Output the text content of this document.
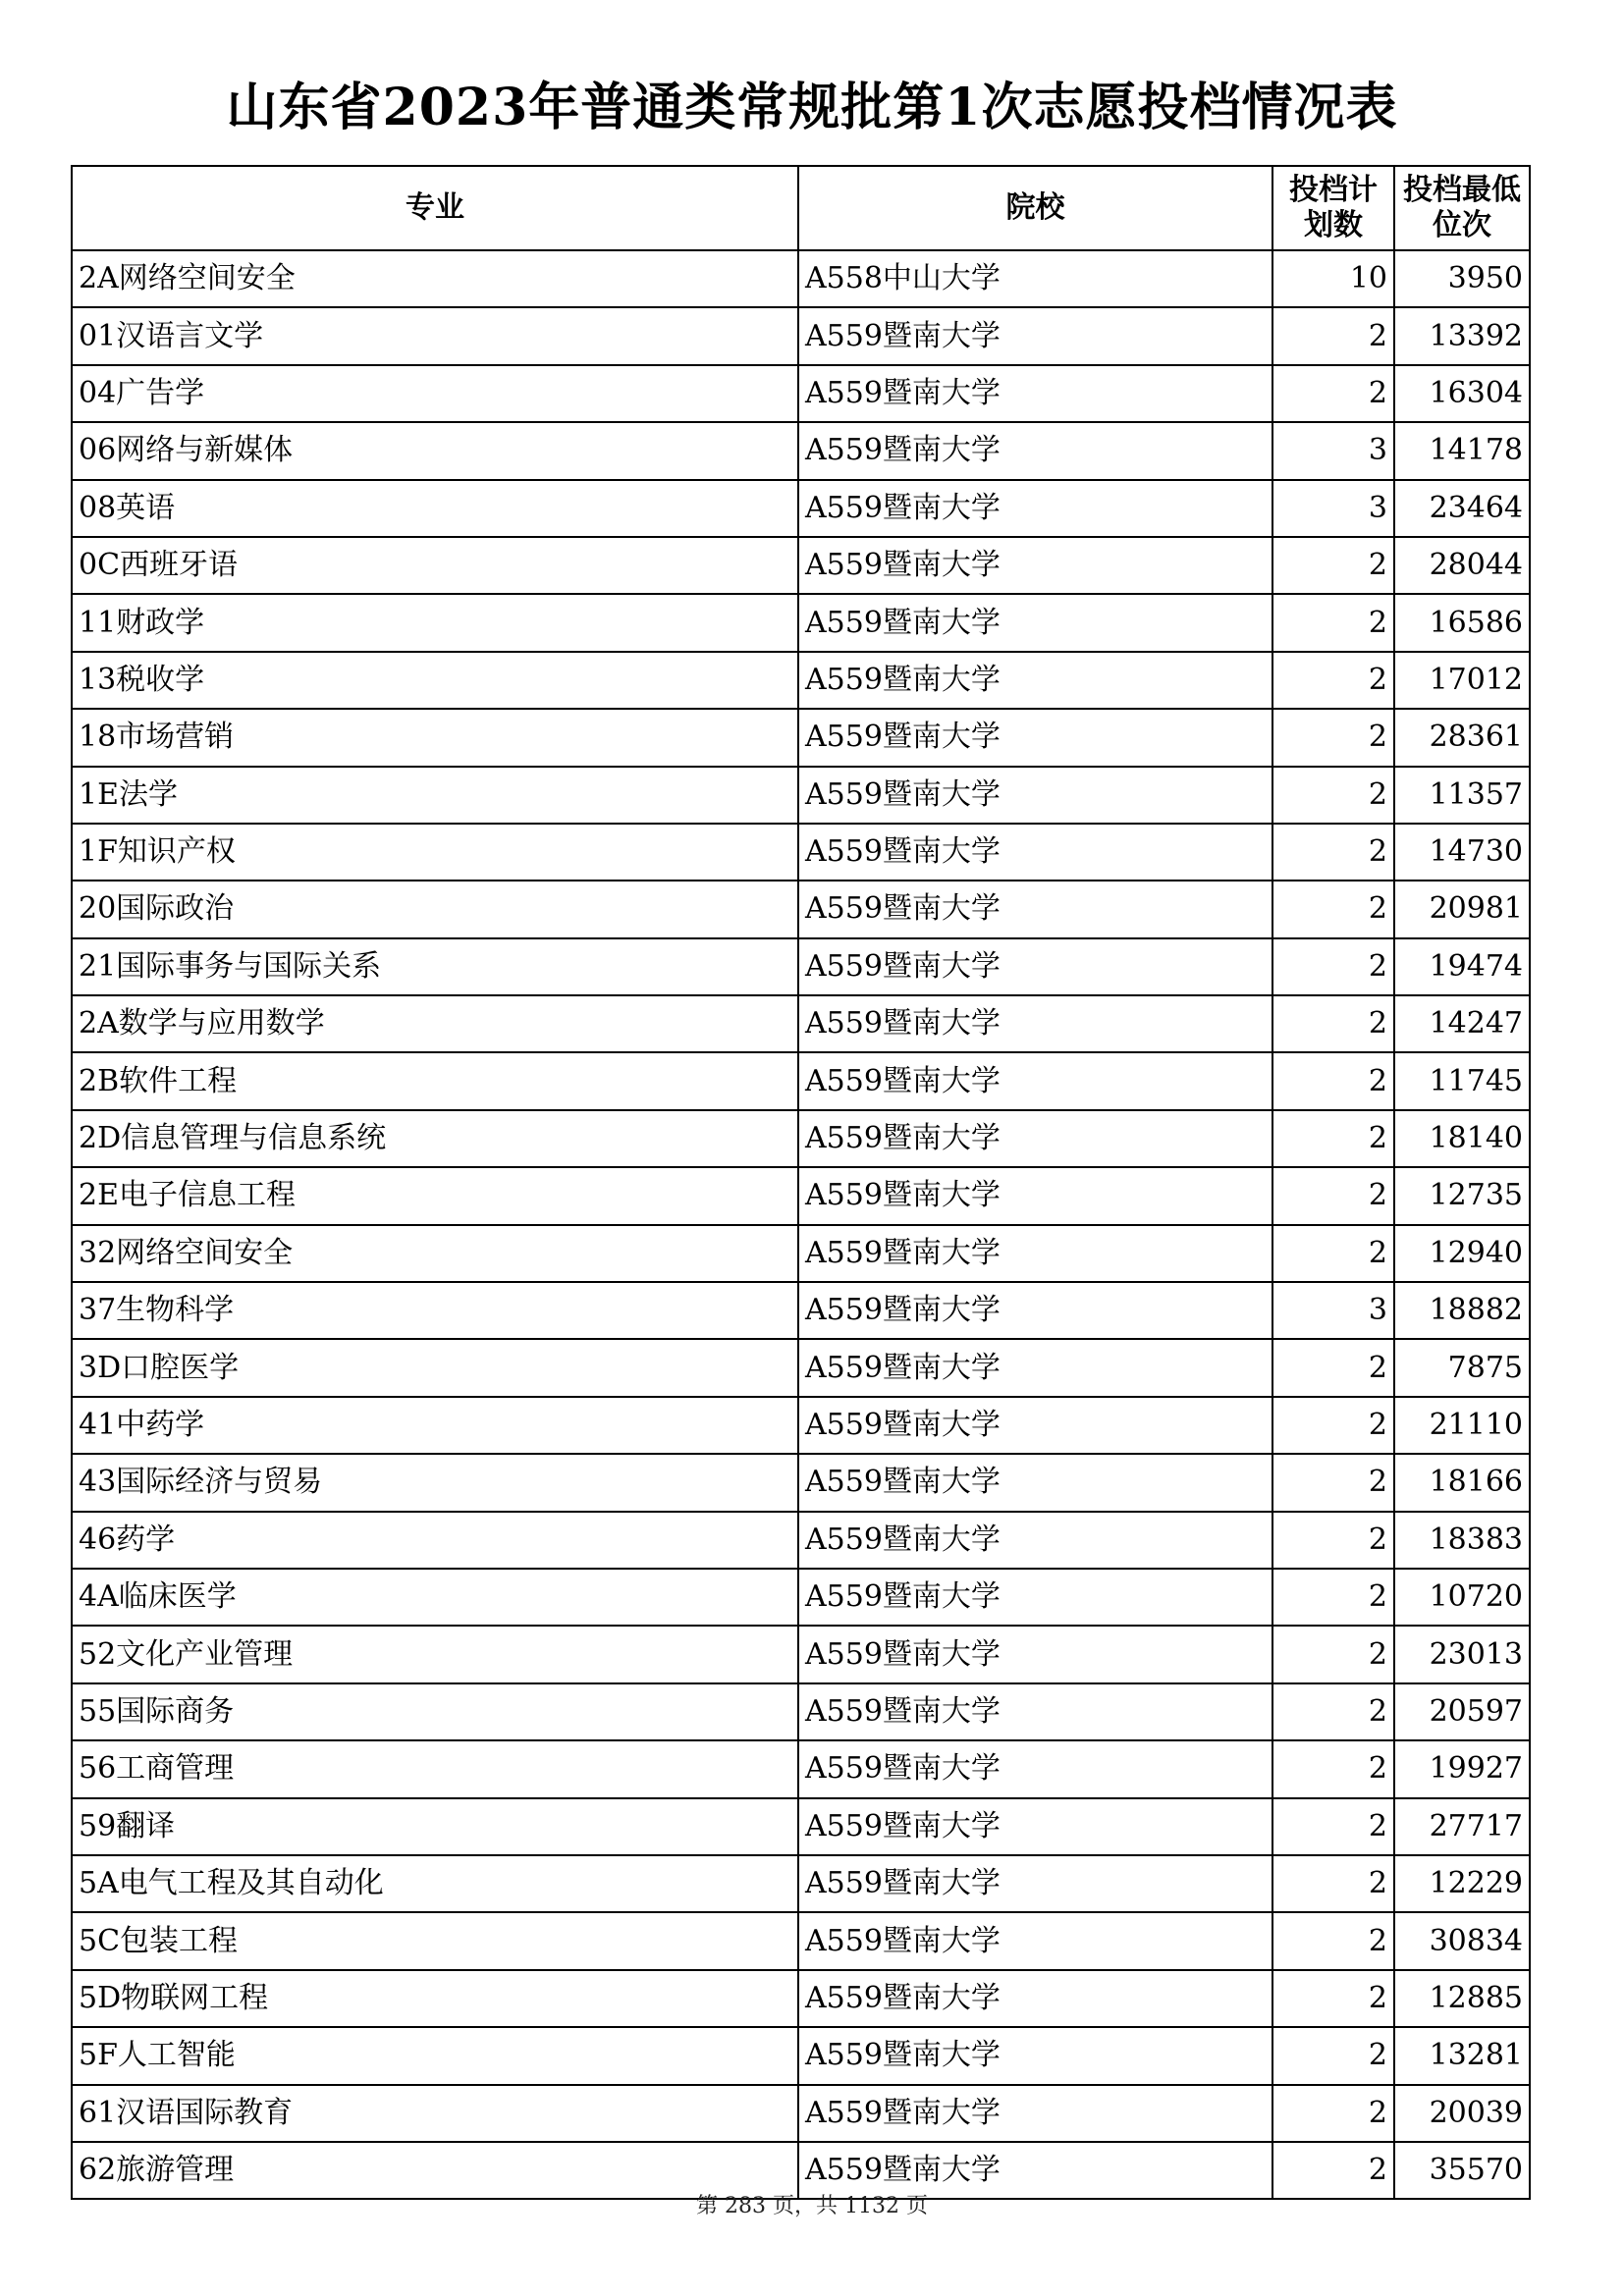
山东省2023年普通类常规批第1次志愿投档情况表
专业	院校	投档计划数	投档最低位次
2A网络空间安全	A558中山大学	10	3950
01汉语言文学	A559暨南大学	2	13392
04广告学	A559暨南大学	2	16304
06网络与新媒体	A559暨南大学	3	14178
08英语	A559暨南大学	3	23464
0C西班牙语	A559暨南大学	2	28044
11财政学	A559暨南大学	2	16586
13税收学	A559暨南大学	2	17012
18市场营销	A559暨南大学	2	28361
1E法学	A559暨南大学	2	11357
1F知识产权	A559暨南大学	2	14730
20国际政治	A559暨南大学	2	20981
21国际事务与国际关系	A559暨南大学	2	19474
2A数学与应用数学	A559暨南大学	2	14247
2B软件工程	A559暨南大学	2	11745
2D信息管理与信息系统	A559暨南大学	2	18140
2E电子信息工程	A559暨南大学	2	12735
32网络空间安全	A559暨南大学	2	12940
37生物科学	A559暨南大学	3	18882
3D口腔医学	A559暨南大学	2	7875
41中药学	A559暨南大学	2	21110
43国际经济与贸易	A559暨南大学	2	18166
46药学	A559暨南大学	2	18383
4A临床医学	A559暨南大学	2	10720
52文化产业管理	A559暨南大学	2	23013
55国际商务	A559暨南大学	2	20597
56工商管理	A559暨南大学	2	19927
59翻译	A559暨南大学	2	27717
5A电气工程及其自动化	A559暨南大学	2	12229
5C包装工程	A559暨南大学	2	30834
5D物联网工程	A559暨南大学	2	12885
5F人工智能	A559暨南大学	2	13281
61汉语国际教育	A559暨南大学	2	20039
62旅游管理	A559暨南大学	2	35570
第 283 页，共 1132 页
